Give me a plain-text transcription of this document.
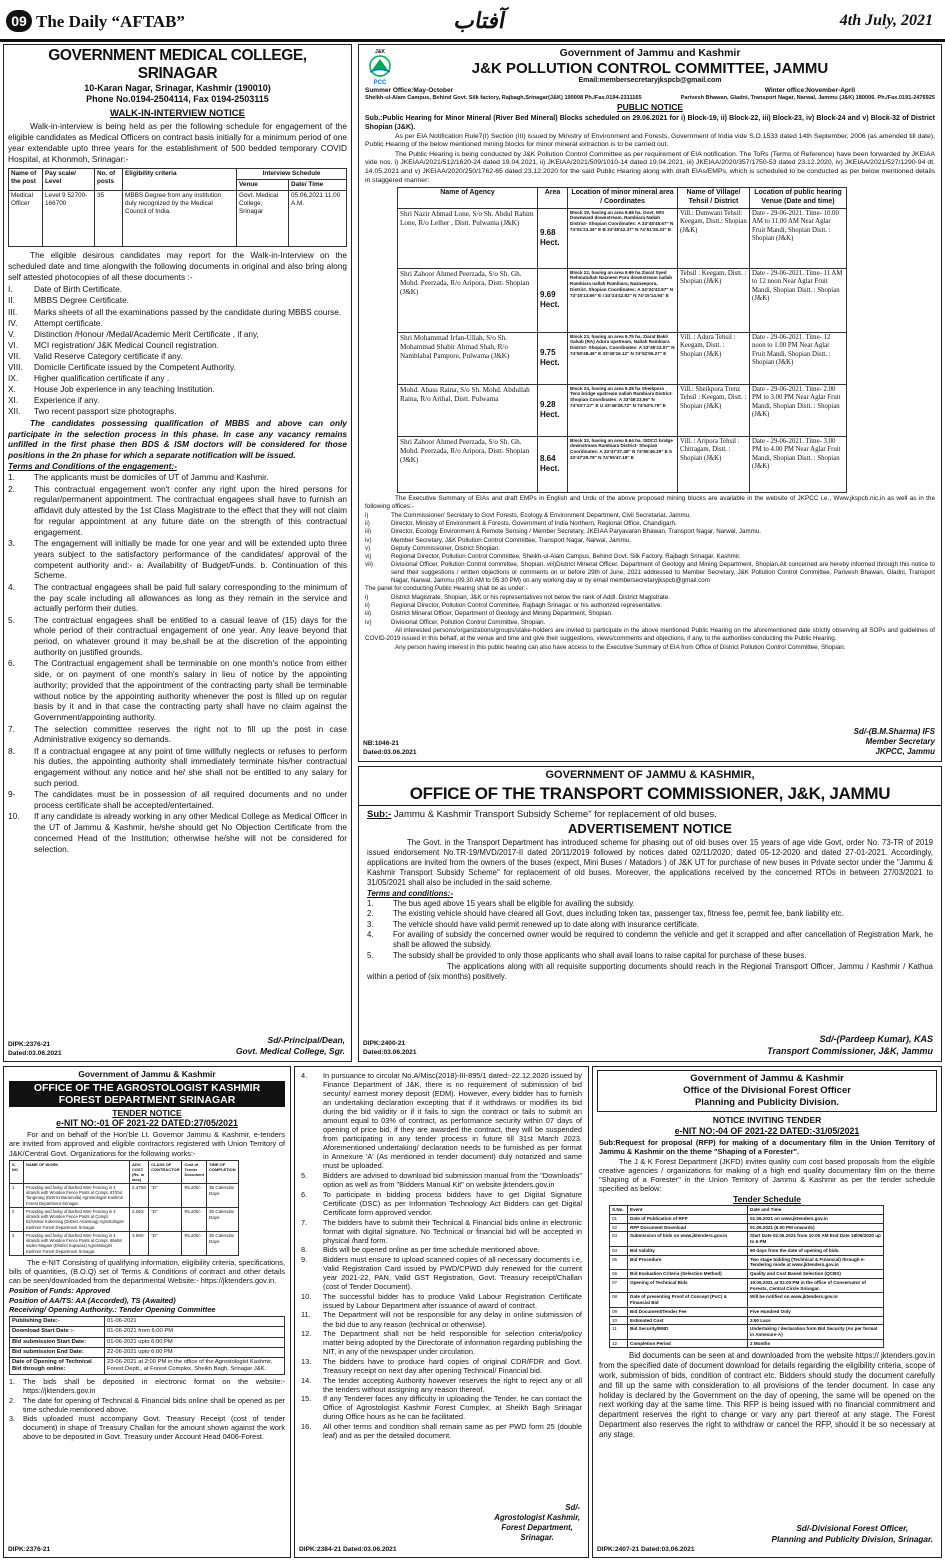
09 The Daily “AFTAB”	آفتاب	4th July, 2021
GOVERNMENT MEDICAL COLLEGE, SRINAGAR
10-Karan Nagar, Srinagar, Kashmir (190010)
Phone No.0194-2504114, Fax 0194-2503115
WALK-IN-INTERVIEW NOTICE
Walk-in-interview is being held as per the following schedule for engagement of the eligible candidates as Medical Officers on contract basis initially for a minimum period of one year extendable upto three years for the establishment of 500 bedded temporary COVID Hospital, at Khonmoh, Srinagar:-
Name of the post	Pay scale/ Level	No. of posts	Eligibility criteria	Interview Schedule	
				Venue	Date/ Time
Medical Officer	Level 9 52700-166700	35	MBBS Degree from any institution duly recognized by the Medical Council of India.	Govt. Medical College, Srinagar	05.06.2021 11.00 A.M.
The eligible desirous candidates may report for the Walk-in-Interview on the scheduled date and time alongwith the following documents in original and also bring along self attested photocopies of all these documents :-
I.	Date of Birth Certificate.
II.	MBBS Degree Certificate.
III.	Marks sheets of all the examinations passed by the candidate during MBBS course.
IV.	Attempt certificate.
V.	Distinction /Honour /Medal/Academic Merit Certificate , if any,
VI.	MCI registration/ J&K Medical Council registration.
VII.	Valid Reserve Category certificate if any.
VIII.	Domicile Certificate issued by the Competent Authority.
IX.	Higher qualification certificate if any .
X.	House Job experience in any teaching Institution.
XI.	Experience if any.
XII.	Two recent passport size photographs.
The candidates possessing qualification of MBBS and above can only participate in the selection process in this phase. In case any vacancy remains unfilled in the first phase then BDS & ISM doctors will be considered for those positions in the 2n phase for which a separate notification will be issued.
Terms and Conditions of the engagement:-
1.	The applicants must be domiciles of UT of Jammu and Kashmir.
2.	This contractual engagement won't confer any right upon the hired persons for regular/permanent appointment. The contractual engagees shall have to furnish an affidavit duly attested by the 1st Class Magistrate to the effect that they will not claim for regular appointment at any future date on the strength of this contractual engagement.
3.	The engagement will initially be made for one year and will be extended upto three years subject to the satisfactory performance of the candidates/ approval of the competent authority and:- a. Availability of Budget/Funds. b. Continuation of this Scheme.
4.	The contractual engagees shall be paid full salary corresponding to the minimum of the pay scale including all allowances as long as they remain in the service and actually perform their duties.
5.	The contractual engagees shall be entitled to a casual leave of (15) days for the whole period of their contractual engagement of one year. Any leave beyond that period, on whatever ground it may be,shall be at the discretion of the appointing authority on justified grounds.
6.	The Contractual engagement shall be terminable on one month's notice from either side, or on payment of one month's salary in lieu of notice by the appointing authority; provided that the appointment of the contracting party shall be terminable without notice by the appointing authority whenever the post is filled up on regular basis by it and in that case the contracting party shall have no claim against the Government/appointing authority.
7.	The selection committee reserves the right not to fill up the post in case Administrative exigency so demands.
8.	If a contractual engagee at any point of time willfully neglects or refuses to perform his duties, the appointing authority shall immediately terminate his/her contractual engagement without any notice and he/ she shall not be entitled to any salary for such period.
9-	The candidates must be in possession of all required documents and no under process certificate shall be accepted/entertained.
10.	If any candidate is already working in any other Medical College as Medical Officer in the UT of Jammu & Kashmir, he/she should get No Objection Certificate from the concerned Head of the Institution; otherwise he/she will not be considered for selection.
Sd/-Principal/Dean,
Govt. Medical College, Sgr.
DIPK:2376-21
Dated:03.06.2021
J&K
PCC
Government of Jammu and Kashmir
J&K POLLUTION CONTROL COMMITTEE, JAMMU
Email:membersecretaryjkspcb@gmail.com
Summer Office:May-October	Winter office:November-April
Sheikh-ul-Alam Campus, Behind Govt. Silk factory, Rajbagh,Srinagar(J&K) 190008 Ph./Fax.0194-2311165	Parivesh Bhawan, Gladni, Transport Nagar, Narwal, Jammu (J&K) 180006. Ph./Fax.0191-2476925
PUBLIC NOTICE
Sub.:Public Hearing for Minor Mineral (River Bed Mineral) Blocks scheduled on 29.06.2021 for i) Block-19, ii) Block-22, iii) Block-23, iv) Block-24 and v) Block-32 of District Shopian (J&K).
As per EIA Notification Rule7(I) Section (III) issued by Ministry of Environment and Forests, Government of India vide S.O.1533 dated 14th September, 2006 (as amended till date), Public Hearing of the below mentioned mining blocks for minor mineral extraction is to be carried out.
The Public Hearing is being conducted by J&K Pollution Control Committee as per requirement of EIA notification. The ToRs (Terms of Reference) have been forwarded by JKEIAA vide nos. i) JKEIAA/2021/512/1620-24 dated 19.04.2021, ii) JKEIAA/2021/509/1010-14 dated 19.04.2021, iii) JKEIAA/2020/357/1750-53 dated 23.12.2020, iv) JKEIAA/2021/527/1290-94 dt. 14.05.2021 and v) JKEIAA/2020/250/1762-65 dated 23.12.2020 for the said Public Hearing along with draft EIAs/EMPs, which is scheduled to be conducted as per below mentioned details in staggered manner:
Name of Agency	Area	Location of minor mineral area / Coordinates	Name of Village/ Tehsil / District	Location of public hearing Venue (Date and time)
Shri Nazir Ahmad Lone, S/o Sh. Abdul Rahim Lone, R/o Lelher , Distt. Pulwama (J&K)	9.68 Hect.	Block 19, having an area 9.68 ha. Govt. M/S Downward downstream, Rambiara Nallah District- Shopian Coordinates: A 33°45'45.67" N 74°51'23.36" E B 33°45'42.37" N 74°51'29.33" E	Vill.: Dumwani Tehsil: Keegam, Distt.: Shopian (J&K)	Date - 29-06-2021. Time- 10.00 AM to 11.00 AM Near Aglar Fruit Mandi, Shopian Distt. : Shopian (J&K)
Shri Zahoor Ahmed Peerzada, S/o Sh. Gh. Mohd. Peerzada, R/o Aripora, Distt. Shopian (J&K)	9.69 Hect.	Block 22, having an area 9.69 ha Ziarat Syed Rehmatullah Nazneen Pora downstream nallah Rambiara nallah Rambiara, Nazneepora, District. Shopian Coordinates: A 34°24'42.87" N 74°15'13.66" E I 34°24'42.82" N 74°15'14.94" E	Tehsil : Keegam, Distt. : Shopian (J&K)	Date - 29-06-2021. Time- 11 AM to 12 noon Near Aglar Fruit Mandi, Shopian Distt. : Shopian (J&K)
Shri Mohammad Irfan-Ullah, S/o Sh. Mohammad Shabir Ahmad Shah, R/o Namblabal Pampore, Pulwama (J&K)	9.75 Hect.	Block 23, having an area 9.75 ha. Ziarat Bakil Sahab (RA) Adura upstream, Nallah Rambiara District- Shopian. Coordinates: A 33°46'23.07" N 74°50'48.46" E 33°46'16.12" N 74°52'55.27" E	Vill. : Adura Tehsil : Keegam, Distt. : Shopian (J&K)	Date - 29-06-2021. Time- 12 noon to 1.00 PM Near Aglar Fruit Mandi, Shopian Distt. : Shopian (J&K)
Mohd. Abass Raina, S/o Sh. Mohd. Abdullah Raina, R/o Arihal, Distt. Pulwama	9.28 Hect.	Block 24, having an area 9.28 ha Sheikpora Tenz bridge upstream nallah Rambiara District- Shopian Coordinates: A 33°46'23.56" N 74°53'7.27" E U 33°46'28.72" N 74°53'5.79" E	Vill.: Sheikpora Trenz Tehsil : Keegam, Distt. : Shopian (J&K)	Date - 29-06-2021. Time- 2.00 PM to 3.00 PM Near Aglar Fruit Mandi, Shopian Distt. : Shopian (J&K)
Shri Zahoor Ahmed Peerzada, S/o Sh. Gh. Mohd. Peerzada, R/o Aripora, Distt. Shopian (J&K)	8.64 Hect.	Block 32, having an area 8.64 ha. SIDCO bridge downstream Rambiara District- Shopian Coordinates: A 33°47'37.48" N 74°55'49.29" E S 33°47'29.78" N 74°55'47.19" E	Vill. : Aripora Tehsil : Chitragam, Distt. : Shopian (J&K)	Date - 29-06-2021. Time- 3.00 PM to 4.00 PM Near Aglar Fruit Mandi, Shopian Distt. : Shopian (J&K)
The Executive Summary of EIAs and draft EMPs in English and Urdu of the above proposed mining blocks are available in the website of JKPCC i.e., Www.jkspcb.nic.in as well as in the following offices:-
i)	The Commissioner/ Secretary to Govt Forests, Ecology & Environment Department, Civil Secretariat, Jammu.
ii)	Director, Ministry of Environment & Forests, Government of India Northern, Regional Office, Chandigarh.
iii)	Director, Ecology Environment & Remote Sensing / Member Secretary, JKEIAA Paryavaran Bhawan, Transport Nagar, Narwal, Jammu.
iv)	Member Secretary, J&K Pollution Control Committee, Transport Nagar, Narwal, Jammu.
v)	Deputy Commissioner, District Shopian.
vi)	Regional Director, Pollution Control Committee, Sheikh-ul-Alam Campus, Behind Govt. Silk Factory, Rajbagh Srinagar. Kashmir.
vii)	Divisional Officer, Pollution Control committee, Shopian. viii)District Mineral Officer, Department of Geology and Mining Department, Shopian.All concerned are hereby informed through this notice to send their suggestions / written objections or comments on or before 29th of June, 2021 addressed to Member Secretary, J&K Pollution Control Committee, Parivesh Bhawan, Gladni, Transport Nagar, Narwal, Jammu (09.30 AM to 05.30 PM) on any working day or by email membersecretaryjkspcb@gmail.com
The panel for conducting Public Hearing shall be as under:-
i)	District Magistrate, Shopian, J&K or his representatives not below the rank of Addl. District Magistrate.
ii)	Regional Director, Pollution Control Committee, Rajbagh Srinagar. or his authorized representative.
iii)	District Mineral Officer, Department of Geology and Mining Department, Shopian.
iv)	Divisional Officer, Pollution Control Committee, Shopian.
All interested persons/organizations/groups/stake-holders are invited to participate in the above mentioned Public Hearing on the aforementioned date strictly observing all SOPs and guidelines of COVID-2019 issued in this behalf, at the venue and time and give their suggestions, views/comments and objections, if any, to the authorities conducting the Public Hearing.
Any person having interest in this public hearing can also have access to the Executive Summary of EIA from Office of District Pollution Control Committee, Shopian.
Sd/-(B.M.Sharma) IFS
Member Secretary
JKPCC, Jammu
NB:1046-21
Dated:03.06.2021
GOVERNMENT OF JAMMU & KASHMIR,
OFFICE OF THE TRANSPORT COMMISSIONER, J&K, JAMMU
Sub:- Jammu & Kashmir Transport Subsidy Scheme" for replacement of old buses.
ADVERTISEMENT NOTICE
The Govt. in the Transport Department has introduced scheme for phasing out of old buses over 15 years of age vide Govt, order No. 73-TR of 2019 issued endorsement No.TR-19/MVD/2017-II dated 20/11/2019 followed by notices dated 02/11/2020, dated 05-12-2020 and dated 27-01-2021. Accordingly, applications are invited from the owners of the buses (expect, Mini Buses / Matadors ) of J&K UT for purchase of new buses in Private sector under the "Jammu & Kashmir Transport Subsidy Scheme" for replacement of old buses. Moreover, the applications received by the concerned RTOs in between 27/03/2021 to 31/05/2021 shall also be included in the said scheme.
Terms and conditions:-
1.	The bus aged above 15 years shall be eligible for availing the subsidy.
2.	The existing vehicle should have cleared all Govt, dues including token tax, passenger tax, fitness fee, permit fee, bank liability etc.
3.	The vehicle should have valid permit renewed up to date along with insurance certificate.
4.	For availing of subsidy the concerned owner would be required to condemn the vehicle and get it scrapped and after cancellation of Registration Mark, he shall be allowed the subsidy.
5.	The subsidy shall be provided to only those applicants who shall avail loans to raise capital for purchase of these buses.
The applications along with all requisite supporting documents should reach in the Regional Transport Officer, Jammu / Kashmir / Kathua within a period of (six months) positively.
Sd/-(Pardeep Kumar), KAS
Transport Commissioner, J&K, Jammu
DIPK:2400-21
Dated:03.06.2021
Government of Jammu & Kashmir
OFFICE OF THE AGROSTOLOGIST KASHMIR FOREST DEPARTMENT SRINAGAR
TENDER NOTICE
e-NIT NO:-01 OF 2021-22 DATED:27/05/2021
For and on behalf of the Hon'ble Lt. Governor Jammu & Kashmir, e-tenders are invited from approved and eligible contractors registered with Union Territory of J&K/Central Govt. Organizations for the following works:-
S. NO	NAME OF WORK	ADV. COST (Rs. in lacs)	CLASS OF CONTRACTOR	Cost of Tender Document	TIME OF COMPLETION
1	Providing and fixing of Barbed Wire Fencing in 4 strands with Wooden Fence Posts at Compt. 67/Gul Tangmarg (District Baramulla) Agrostologist Kashmir Forest Department Srinagar.	2.4750	"D"	Rs.200/-	35 Calendar Days
2	Providing and fixing of Barbed Wire Fencing in 4 strands with Wooden Fence Posts at Compt. 62/Vatnar Kokernag (District Anantnag) Agrostologist Kashmir Forest Department Srinagar.	2.063	"D"	Rs.200/-	30 Calendar Days
3	Providing and fixing of Barbed Wire Fencing in 4 strands with Wooden Fence Posts at Compt. 69a/M sadev Magam (District Kupwara) Agrostologist Kashmir Forest Department Srinagar.	3.650	"D"	Rs.200/-	30 Calendar Days
The e-NIT Consisting of qualifying information, eligibility criteria, specifications, bills of quantities, (B.O.Q) set of Terms & Conditions of contract and other details can be seen/downloaded from the departmental Website:- https://jktenders.gov.in.
Position of Funds: Approved
Position of AA/TS: AA (Accorded), TS (Awaited)
Receiving/ Opening Authority.: Tender Opening Committee
Publishing Date:-	01-06-2021
Download Start Date :-	01-06-2021 from 6:00 PM
Bid submission Start Date:	01-06-2021 upto 6:00 PM
Bid submission End Date:	22-06-2021 upto 6:00 PM
Date of Opening of Technical Bid through online:	23-06-2021 at 2:00 PM in the office of the Agrostologist Kashmir, Forest Deptt., at Forest Complex, Sheikh Bagh, Srinagar J&K.
1.	The bids shall be deposited in electronic format on the website:- https://jktenders.gov.in
2.	The date for opening of Technical & Financial bids online shall be opened as per time schedule mentioned above.
3.	Bids uploaded must accompany Govt. Treasury Receipt (cost of tender document) in shape of Treasury Challan for the amount shown against the work above to be deposited in Govt. Treasury under Account Head 0406-Forest.
DIPK:2376-21
4.	In pursuance to circular No.A/Misc(2018)-III-895/1 dated:-22.12.2020 issued by Finance Department of J&K, there is no requirement of submission of bid security/ earnest money deposit (EDM). However, every bidder has to furnish an undertaking declaration excepting that if it withdraws or modifies its bid during the bid validity or if it fails to sign the contract or fails to submit an amount equal to 03% of contract, as performance security within 07 days of opening of price bid, if they are awarded the contract, they will be suspended from participating in any tender process in future till 31st March 2023. Aforementioned undertaking/ declaration needs to be furnished as per format in Annexure 'A' (As mentioned in tender document) duly notarized and same must be uploaded.
5.	Bidders are advised to download bid submission manual from the "Downloads" option as well as from "Bidders Manual Kit" on website jktenders.gov.in
6.	To participate in bidding process bidders have to get Digital Signature Certificate (DSC) as per Information Technology Act Bidders can get Digital Certificate form approved vendor.
7.	The bidders have to submit their Technical & Financial bids online in electronic format with digital signature. No Technical or financial bid will be accepted in physical /hard form.
8.	Bids will be opened online as per time schedule mentioned above.
9.	Bidders must ensure to upload scanned copies of all necessary documents i.e, Valid Registration Card issued by PWD/CPWD duly renewed for the current year 2021-22, PAN, Valid GST Registration, Govt. Treasury receipt/Challan (cost of Tender Document).
10.	The successful bidder has to produce Valid Labour Registration Certificate issued by Labour Department after issuance of award of contract.
11.	The Department will not be responsible for any delay in online submission of the bid due to any reason (technical or otherwise).
12.	The Department shall not be held responsible for selection criteria/policy matter being adopted by the Directorate of information regarding publishing the NIT, in any of the newspaper under circulation.
13.	The bidders have to produce hard copies of original CDR/FDR and Govt. Treasury receipt on next day after opening Technical/ Financial bid.
14.	The tender accepting Authority however reserves the right to reject any or all the tenders without assigning any reason thereof.
15.	If any Tenderer faces any difficulty in uploading the Tender, he can contact the Office of Agrostologist Kashmir Forest Complex, at Sheikh Bagh Srinagar during Office hours as he can be facilitated.
16.	All other terms and condition shall remain same as per PWD form 25 (double leaf) and as per the detailed document.
Sd/-
Agrostologist Kashmir,
Forest Department,
Srinagar.
DIPK:2384-21 Dated:03.06.2021
Government of Jammu & Kashmir
Office of the Divisional Forest Officer
Planning and Publicity Division.
NOTICE INVITING TENDER
e-NIT NO:-04 OF 2021-22 DATED:-31/05/2021
Sub:Request for proposal (RFP) for making of a documentary film in the Union Territory of Jammu & Kashmir on the theme "Shaping of a Forester".
The J & K Forest Department (JKFD) invites quality cum cost based proposals from the eligible creative agencies / organizations for making of a high end quality documentary film on the theme "Shaping of a Forester" in the Union Territory of Jammu & Kashmir as per the tender schedule specified as below:
Tender Schedule
S.No.	Event	Date and Time
01	Date of Publication of RFP	01.06.2021 on www.jktenders.gov.in
02	RFP Document Download	01.06.2021 (6.00 PM onwards)
03	Submission of bids on www.jktenders.gov.in	Start Date 02.06.2021 from 10.00 AM End Date 18/06/2020 up to 6 PM
04	Bid Validity	90 days from the date of opening of bids.
05	Bid Procedure	Two stage bidding (Technical & Financial) through e-Tendering mode at www.jktenders.gov.in
06	Bid Evaluation Criteria (Selection Method)	Quality and Cost Based Selection (QCBS)
07	Opening of Technical Bids	19.06.2021 at 02.00 PM in the office of Conservator of Forests, Central Circle Srinagar.
08	Date of presenting Proof of Concept (PoC) & Financial Bid	Will be notified on www.jktenders.gov.in
09	Bid Document/Tender Fee	Five Hundred Only
10	Estimated Cost	3.90 Lacs
11	Bid Security/EMD	Undertaking / declaration form Bid Security (As per format in Annexure-A)
12	Completion Period	2 Months
Bid documents can be seen at and downloaded from the website https:// jktenders.gov.in from the specified date of document download for details regarding the eligibility criteria, scope of work, submission of bids, condition of contract etc. Bidders should study the document carefully and fill up the same with consideration to all provisions of the tender document. In case any holiday is declared by the Government on the day of opening, the same will be opened on the next working day at the same time. This RFP is being issued with no financial commitment and department reserves the right to change or vary any part thereof at any stage. The Forest Department also reserves the right to withdraw or cancel the RFP, should it be so necessary at any stage.
Sd/-Divisional Forest Officer,
Planning and Publicity Division, Srinagar.
DIPK:2407-21 Dated:03.06.2021
